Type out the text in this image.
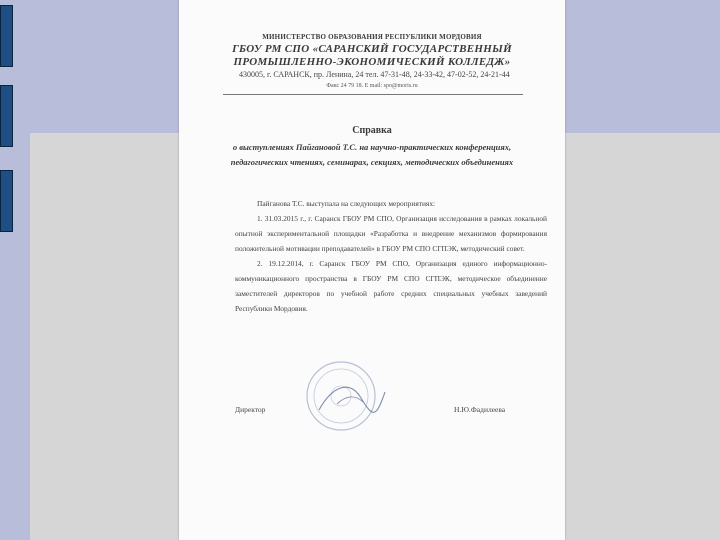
МИНИСТЕРСТВО ОБРАЗОВАНИЯ РЕСПУБЛИКИ МОРДОВИЯ
ГБОУ РМ СПО «САРАНСКИЙ ГОСУДАРСТВЕННЫЙ
ПРОМЫШЛЕННО-ЭКОНОМИЧЕСКИЙ КОЛЛЕДЖ»
430005, г. САРАНСК, пр. Ленина, 24 тел. 47-31-48, 24-33-42, 47-02-52, 24-21-44
Факс 24 79 18. E mail: spo@moris.ru
Справка
о выступлениях Пайгановой Т.С. на научно-практических конференциях, педагогических чтениях, семинарах, секциях, методических объединениях

Пайганова Т.С. выступала на следующих мероприятиях:

1. 31.03.2015 г., г. Саранск ГБОУ РМ СПО, Организация исследования в рамках локальной опытной экспериментальной площадки «Разработка и внедрение механизмов формирования положительной мотивации преподавателей» в ГБОУ РМ СПО СГПЭК, методический совет.

2. 19.12.2014, г. Саранск ГБОУ РМ СПО, Организация единого информационно-коммуникационного пространства в ГБОУ РМ СПО СГПЭК, методическое объединение заместителей директоров по учебной работе средних специальных учебных заведений Республики Мордовия.

Директор	Н.Ю.Фадилеева
